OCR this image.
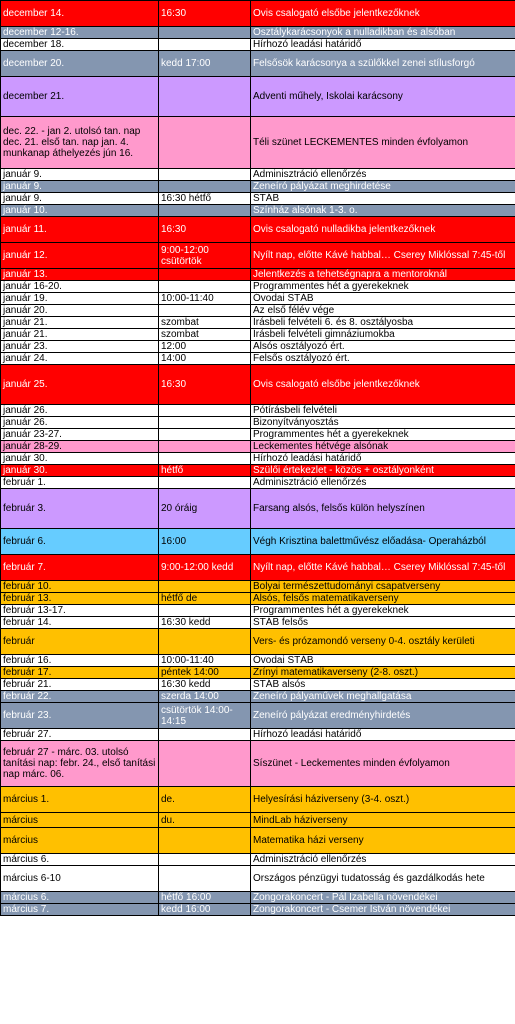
december 14.	16:30	Ovis csalogató elsőbe jelentkezőknek
december 12-16.		Osztálykarácsonyok a nulladikban és alsóban
december 18.		Hírhozó leadási határidő
december 20.	kedd 17:00	Felsősök karácsonya a szülőkkel zenei stílusforgó
december 21.		Adventi műhely, Iskolai karácsony
dec. 22. - jan 2. utolsó tan. nap dec. 21. első tan. nap jan. 4. munkanap áthelyezés jún 16.		Téli szünet LECKEMENTES minden évfolyamon
január 9.		Adminisztráció ellenőrzés
január 9.		Zeneíró pályázat meghirdetése
január 9.	16:30 hétfő	STÁB
január 10.		Színház alsónak 1-3. o.
január 11.	16:30	Ovis csalogató nulladikba jelentkezőknek
január 12.	9:00-12:00 csütörtök	Nyílt nap, előtte Kávé habbal… Cserey Miklóssal 7:45-től
január 13.		Jelentkezés a tehetségnapra a mentoroknál
január 16-20.		Programmentes hét a gyerekeknek
január 19.	10:00-11:40	Óvodai STÁB
január 20.		Az első félév vége
január 21.	szombat	Írásbeli felvételi 6. és 8. osztályosba
január 21.	szombat	Írásbeli felvételi gimnáziumokba
január 23.	12:00	Alsós osztályozó ért.
január 24.	14:00	Felsős osztályozó ért.
január 25.	16:30	Ovis csalogató elsőbe jelentkezőknek
január 26.		Pótírásbeli felvételi
január 26.		Bizonyítványosztás
január 23-27.		Programmentes hét a gyerekeknek
január 28-29.		Leckementes hétvége alsónak
január 30.		Hírhozó leadási határidő
január 30.	hétfő	Szülői értekezlet - közös + osztályonként
február 1.		Adminisztráció ellenőrzés
február 3.	20 óráig	Farsang alsós, felsős külön helyszínen
február 6.	16:00	Végh Krisztina balettművész előadása- Operaházból
február 7.	9:00-12:00 kedd	Nyílt nap, előtte Kávé habbal… Cserey Miklóssal 7:45-től
február 10.		Bolyai természettudományi csapatverseny
február 13.	hétfő de	Alsós, felsős matematikaverseny
február 13-17.		Programmentes hét a gyerekeknek
február 14.	16:30 kedd	STÁB felsős
február		Vers- és prózamondó verseny 0-4. osztály kerületi
február 16.	10:00-11:40	Óvodai STÁB
február 17.	péntek 14:00	Zrínyi matematikaverseny (2-8. oszt.)
február 21.	16:30 kedd	STÁB alsós
február 22.	szerda 14:00	Zeneíró pályaművek meghallgatása
február 23.	csütörtök 14:00-14:15	Zeneíró pályázat eredményhirdetés
február 27.		Hírhozó leadási határidő
február 27 - márc. 03. utolsó tanítási nap: febr. 24., első tanítási nap márc. 06.		Síszünet - Leckementes minden évfolyamon
március 1.	de.	Helyesírási háziverseny (3-4. oszt.)
március	du.	MindLab háziverseny
március		Matematika házi verseny
március 6.		Adminisztráció ellenőrzés
március 6-10		Országos pénzügyi tudatosság és gazdálkodás hete
március 6.	hétfő 16:00	Zongorakoncert - Pál Izabella növendékei
március 7.	kedd 16:00	Zongorakoncert - Csemer István növendékei
